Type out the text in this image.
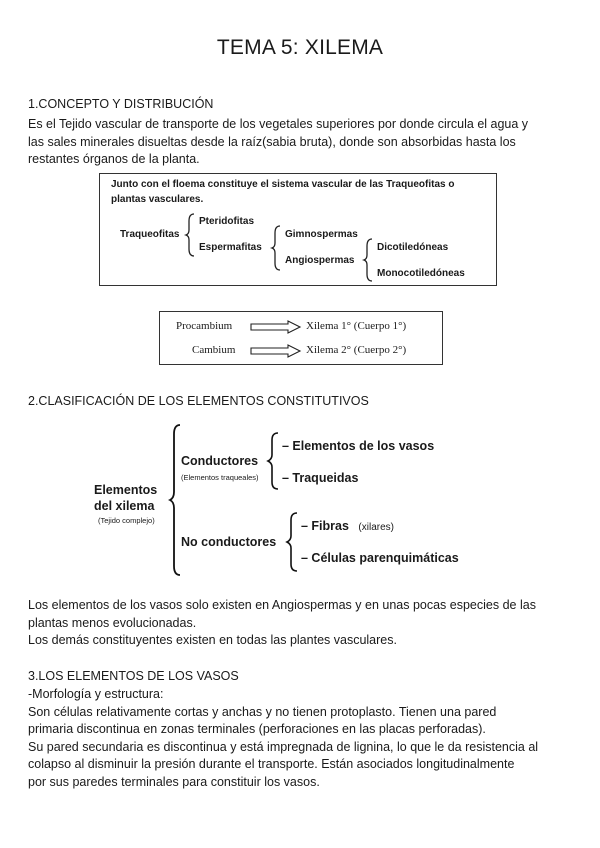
TEMA 5: XILEMA
1.CONCEPTO Y DISTRIBUCIÓN
Es el Tejido vascular de transporte de los vegetales superiores por donde circula el agua y
las sales minerales disueltas desde la raíz(sabia bruta), donde son absorbidas hasta los
restantes órganos de la planta.
Junto con el floema constituye el sistema vascular de las Traqueofitas o
plantas vasculares.
Traqueofitas
Pteridofitas
Espermafitas
Gimnospermas
Angiospermas
Dicotiledóneas
Monocotiledóneas
Procambium	Xilema 1° (Cuerpo 1°)
Cambium	Xilema 2° (Cuerpo 2°)
2.CLASIFICACIÓN DE LOS ELEMENTOS CONSTITUTIVOS
Elementos
del xilema
(Tejido complejo)
Conductores
(Elementos traqueales)
No conductores
– Elementos de los vasos
– Traqueidas
– Fibras (xilares)
– Células parenquimáticas
Los elementos de los vasos solo existen en Angiospermas y en unas pocas especies de las
plantas menos evolucionadas.
Los demás constituyentes existen en todas las plantes vasculares.
3.LOS ELEMENTOS DE LOS VASOS
-Morfología y estructura:
Son células relativamente cortas y anchas y no tienen protoplasto. Tienen una pared
primaria discontinua en zonas terminales (perforaciones en las placas perforadas).
Su pared secundaria es discontinua y está impregnada de lignina, lo que le da resistencia al
colapso al disminuir la presión durante el transporte. Están asociados longitudinalmente
por sus paredes terminales para constituir los vasos.
